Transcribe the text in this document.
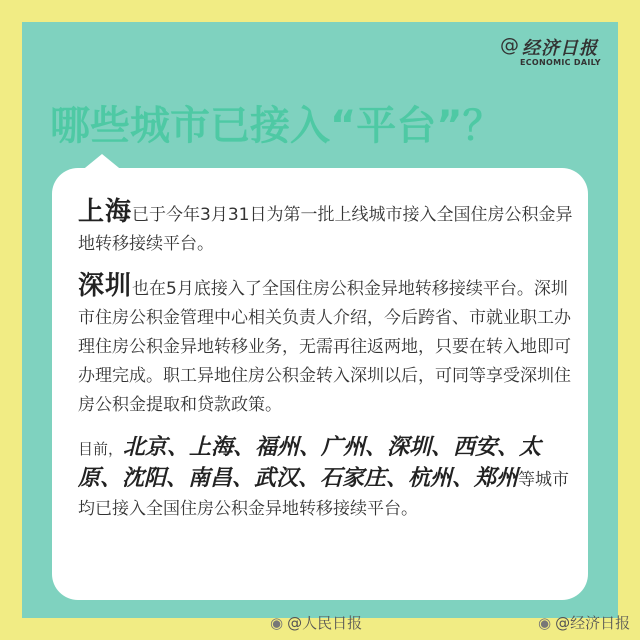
@ 经济日报
ECONOMIC DAILY
哪些城市已接入“平台”？

上海已于今年3月31日为第一批上线城市接入全国住房公积金异地转移接续平台。

深圳也在5月底接入了全国住房公积金异地转移接续平台。深圳市住房公积金管理中心相关负责人介绍，今后跨省、市就业职工办理住房公积金异地转移业务，无需再往返两地，只要在转入地即可办理完成。职工异地住房公积金转入深圳以后，可同等享受深圳住房公积金提取和贷款政策。

目前，北京、上海、福州、广州、深圳、西安、太原、沈阳、南昌、武汉、石家庄、杭州、郑州等城市均已接入全国住房公积金异地转移接续平台。

◉ @人民日报	◉ @经济日报
